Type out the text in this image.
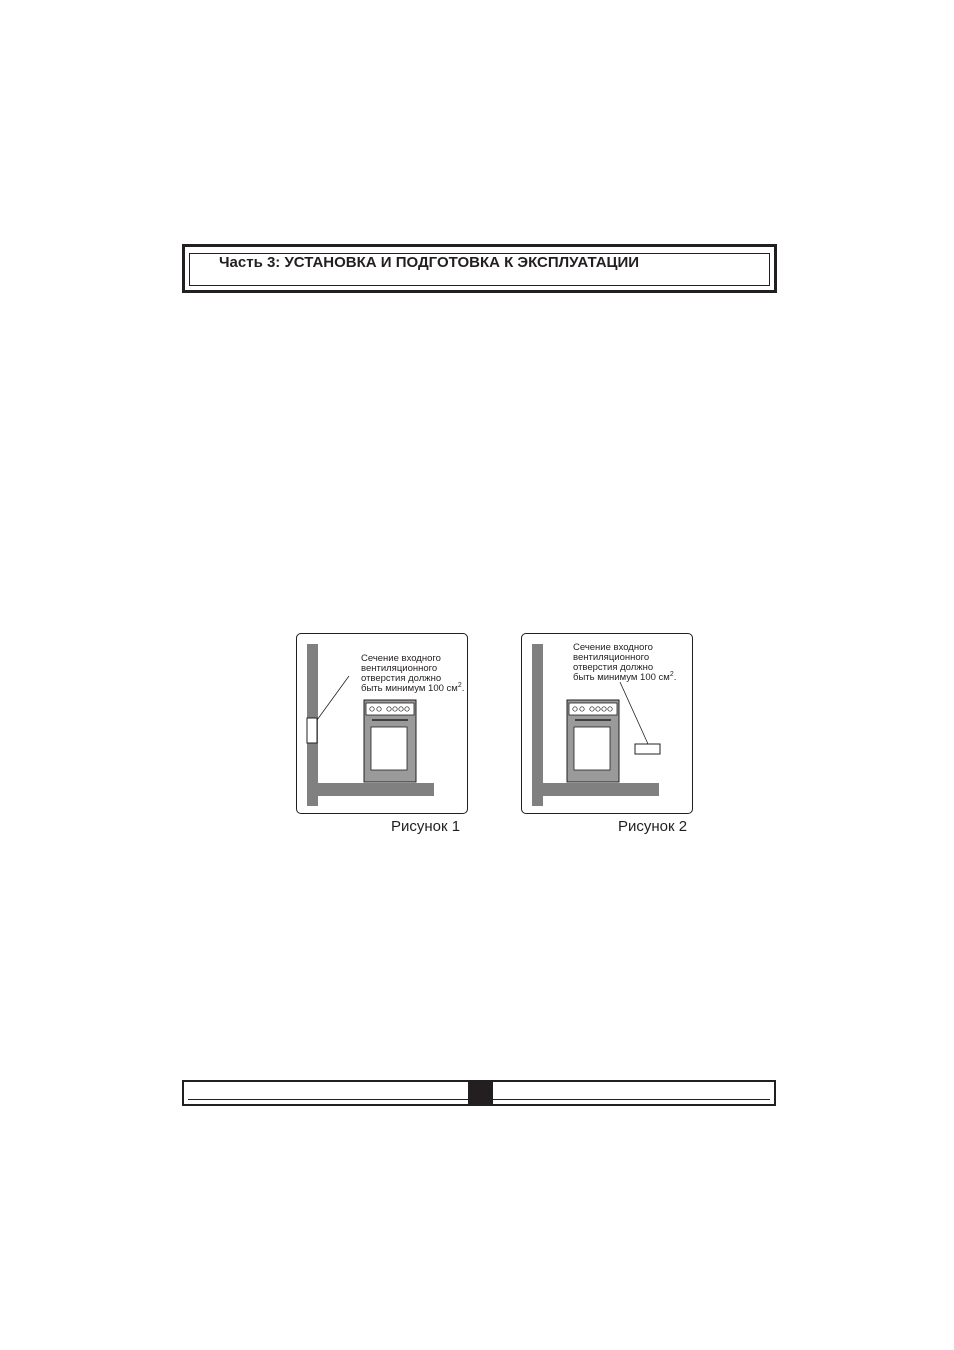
Часть 3: УСТАНОВКА И ПОДГОТОВКА К ЭКСПЛУАТАЦИИ
Сечение входного
вентиляционного
отверстия должно
быть минимум 100 $см^2$.
Рисунок 1
Сечение входного
вентиляционного
отверстия должно
быть минимум 100 $см^2$.
Рисунок 2
